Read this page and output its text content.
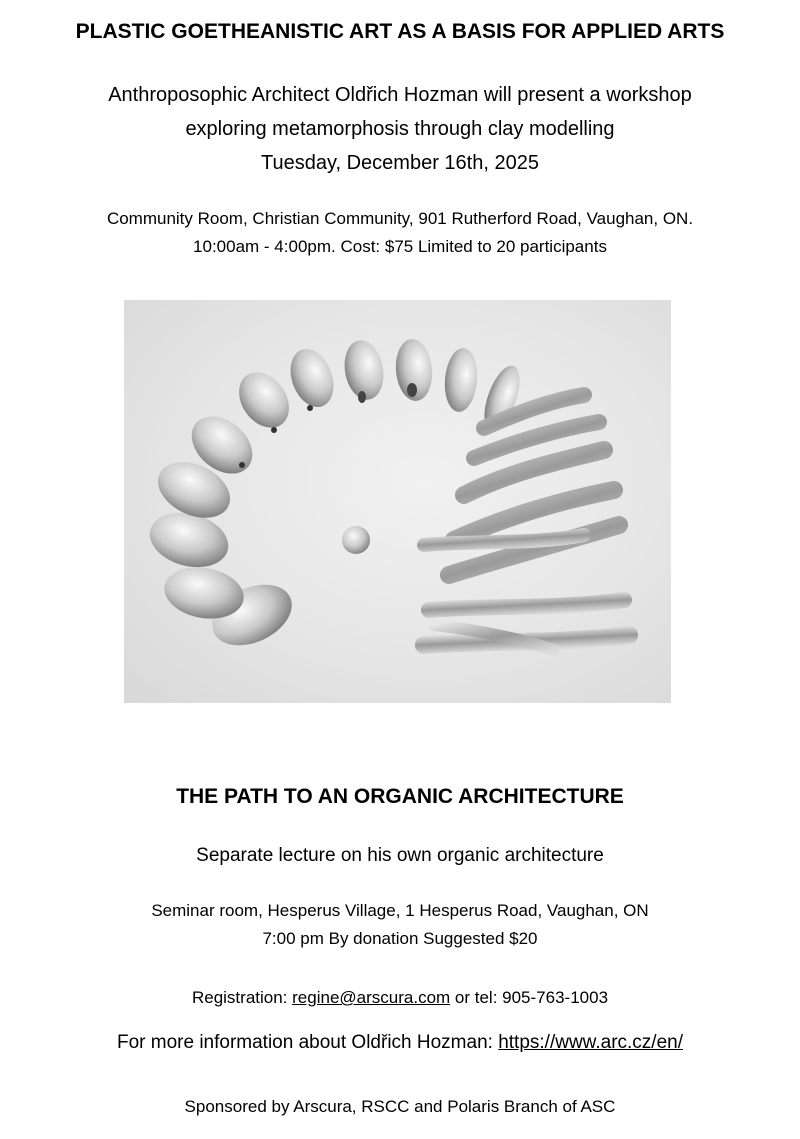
PLASTIC GOETHEANISTIC ART AS A BASIS FOR APPLIED ARTS
Anthroposophic Architect Oldřich Hozman will present a workshop
exploring metamorphosis through clay modelling
Tuesday, December 16th, 2025
Community Room, Christian Community, 901 Rutherford Road, Vaughan, ON.
10:00am - 4:00pm. Cost: $75 Limited to 20 participants
THE PATH TO AN ORGANIC ARCHITECTURE
Separate lecture on his own organic architecture
Seminar room, Hesperus Village, 1 Hesperus Road, Vaughan, ON
7:00 pm By donation Suggested $20
Registration: regine@arscura.com or tel: 905-763-1003
For more information about Oldřich Hozman: https://www.arc.cz/en/
Sponsored by Arscura, RSCC and Polaris Branch of ASC
